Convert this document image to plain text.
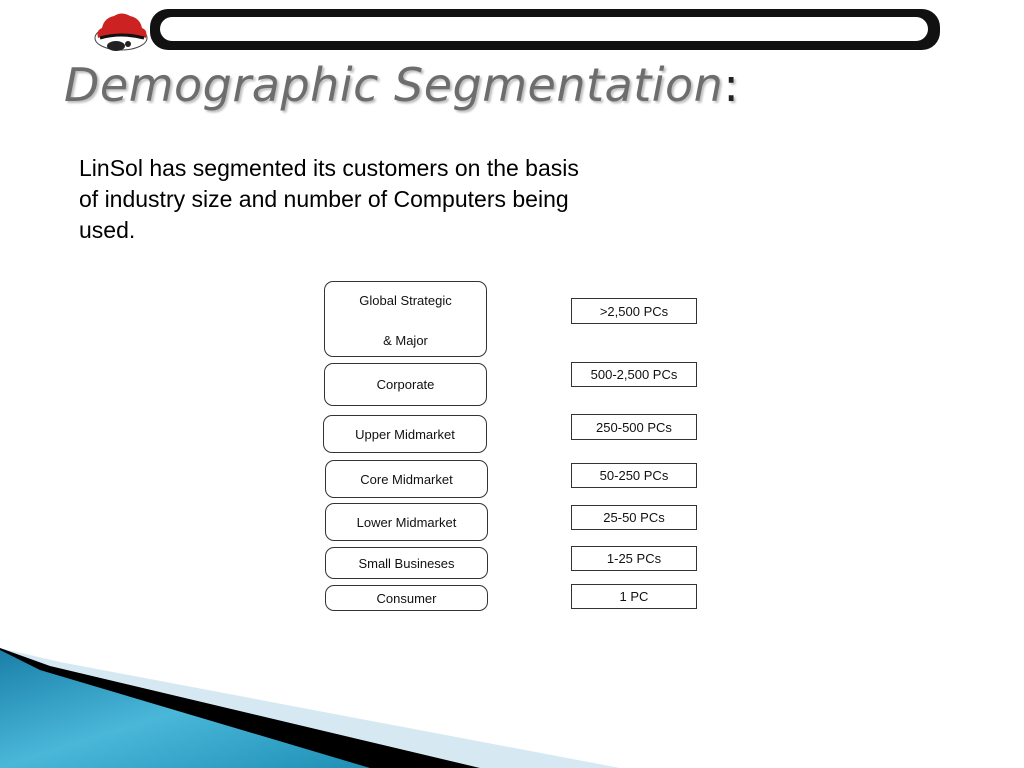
Demographic Segmentation:

LinSol has segmented its customers on the basis of industry size and number of Computers being used.

Global Strategic
& Major
Corporate
Upper Midmarket
Core Midmarket
Lower Midmarket
Small Busineses
Consumer
>2,500 PCs
500-2,500 PCs
250-500 PCs
50-250 PCs
25-50 PCs
1-25 PCs
1 PC
